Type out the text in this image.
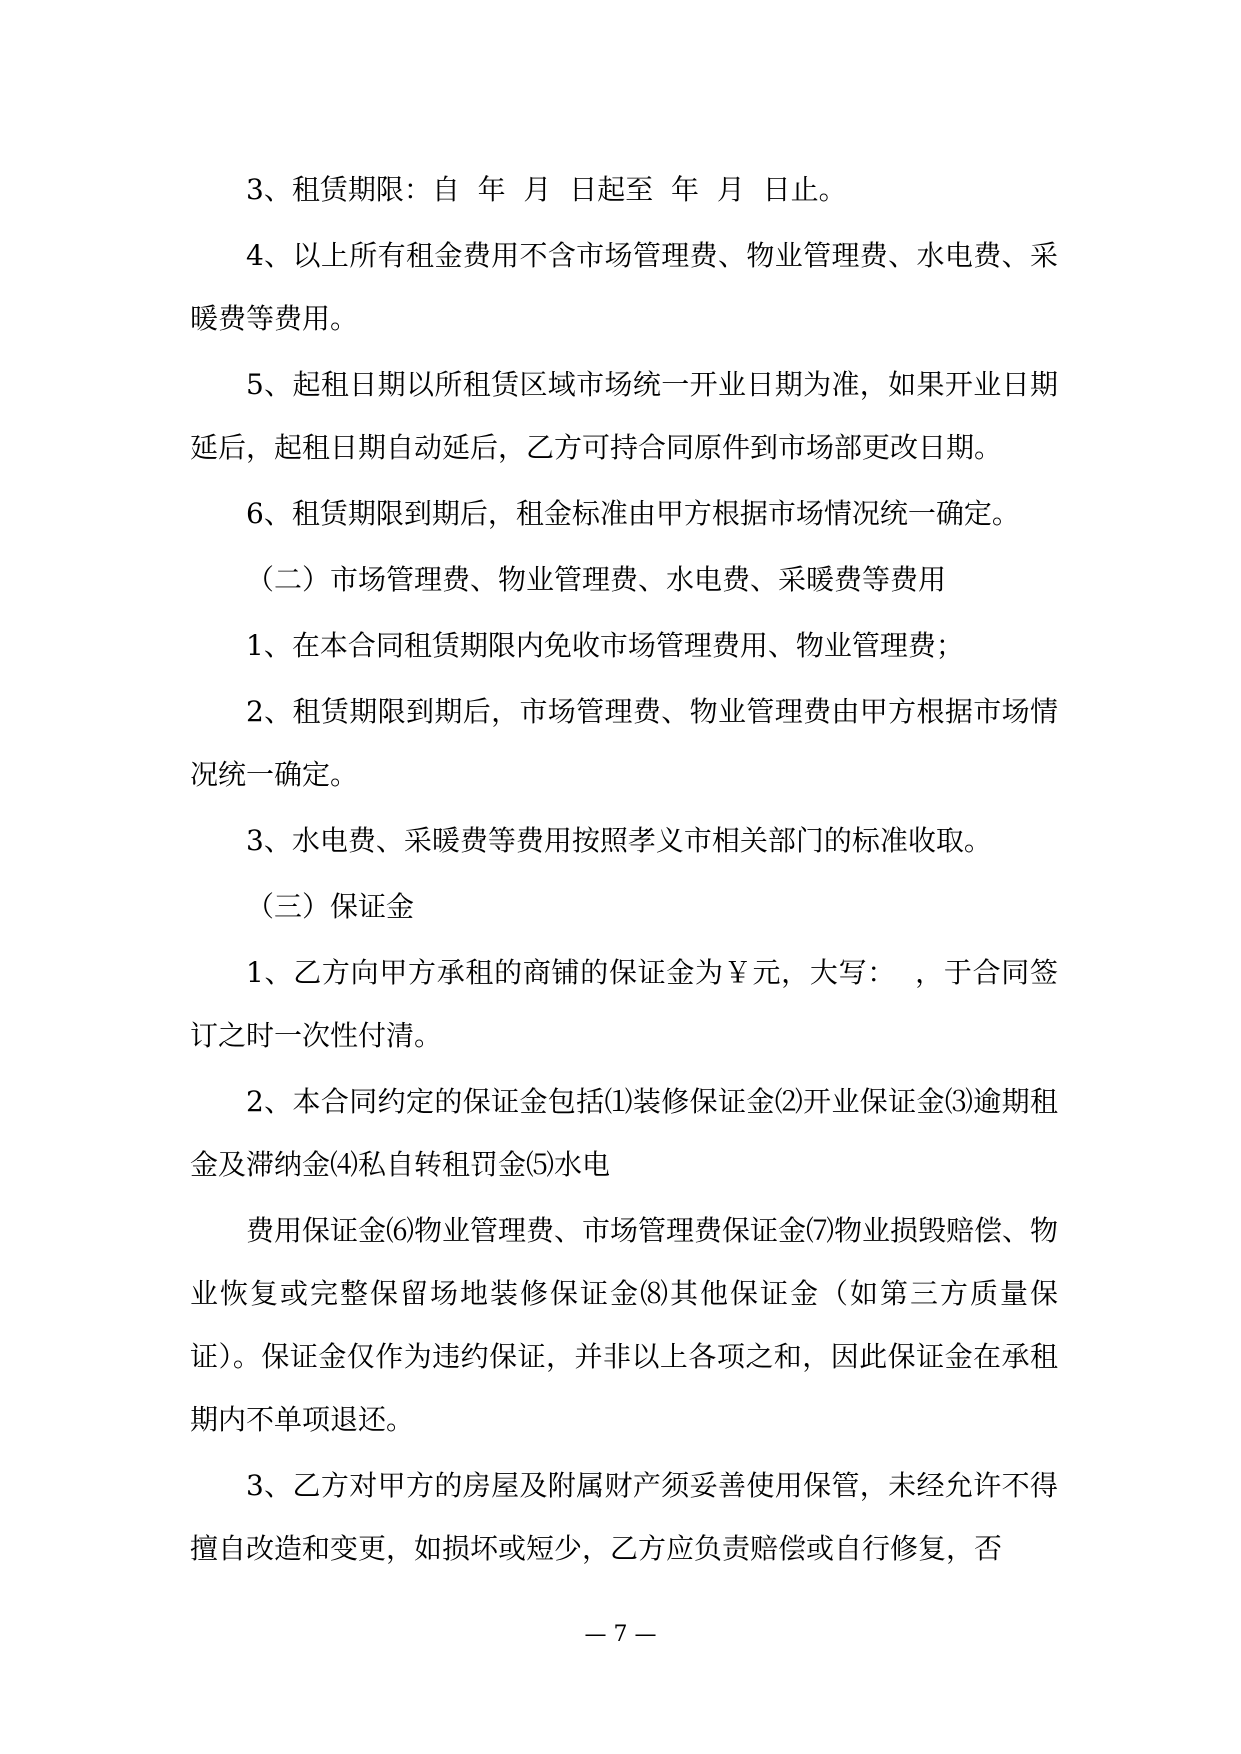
3、租赁期限：自  年  月  日起至  年  月  日止。

4、以上所有租金费用不含市场管理费、物业管理费、水电费、采暖费等费用。

5、起租日期以所租赁区域市场统一开业日期为准，如果开业日期延后，起租日期自动延后，乙方可持合同原件到市场部更改日期。

6、租赁期限到期后，租金标准由甲方根据市场情况统一确定。

（二）市场管理费、物业管理费、水电费、采暖费等费用

1、在本合同租赁期限内免收市场管理费用、物业管理费；

2、租赁期限到期后，市场管理费、物业管理费由甲方根据市场情况统一确定。

3、水电费、采暖费等费用按照孝义市相关部门的标准收取。

（三）保证金

1、乙方向甲方承租的商铺的保证金为￥元，大写：  ，于合同签订之时一次性付清。

2、本合同约定的保证金包括⑴装修保证金⑵开业保证金⑶逾期租金及滞纳金⑷私自转租罚金⑸水电

费用保证金⑹物业管理费、市场管理费保证金⑺物业损毁赔偿、物业恢复或完整保留场地装修保证金⑻其他保证金（如第三方质量保证）。保证金仅作为违约保证，并非以上各项之和，因此保证金在承租期内不单项退还。

3、乙方对甲方的房屋及附属财产须妥善使用保管，未经允许不得擅自改造和变更，如损坏或短少，乙方应负责赔偿或自行修复，否

— 7 —
